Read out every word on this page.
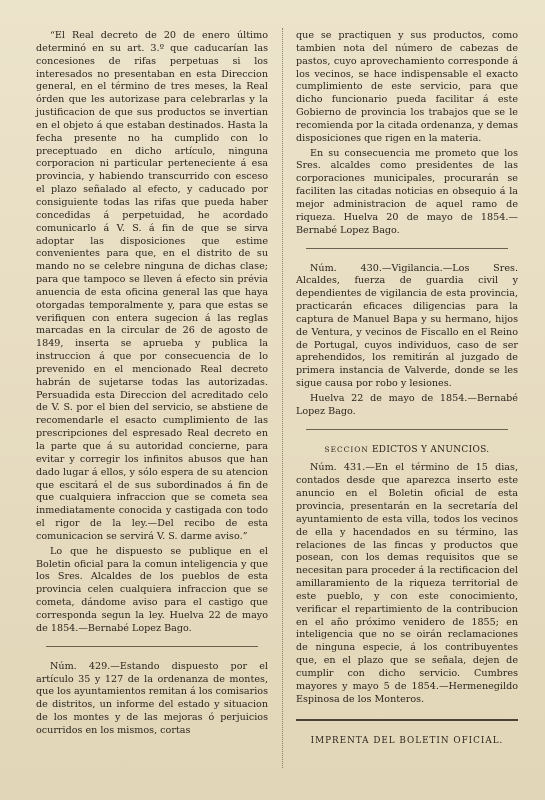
“El Real decreto de 20 de enero último determinó en su art. 3.º que caducarían las concesiones de rifas perpetuas si los interesados no presentaban en esta Direccion general, en el término de tres meses, la Real órden que les autorizase para celebrarlas y la justificacion de que sus productos se invertian en el objeto á que estaban destinados. Hasta la fecha presente no ha cumplido con lo preceptuado en dicho artículo, ninguna corporacion ni particular perteneciente á esa provincia, y habiendo transcurrido con esceso el plazo señalado al efecto, y caducado por consiguiente todas las rifas que pueda haber concedidas á perpetuidad, he acordado comunicarlo á V. S. á fin de que se sirva adoptar las disposiciones que estime convenientes para que, en el distrito de su mando no se celebre ninguna de dichas clase; para que tampoco se lleven á efecto sin prévia anuencia de esta oficina general las que haya otorgadas temporalmente y, para que estas se verifiquen con entera sugecion á las reglas marcadas en la circular de 26 de agosto de 1849, inserta se aprueba y publica la instruccion á que por consecuencia de lo prevenido en el mencionado Real decreto habrán de sujetarse todas las autorizadas. Persuadida esta Direccion del acreditado celo de V. S. por el bien del servicio, se abstiene de recomendarle el esacto cumplimiento de las prescripciones del espresado Real decreto en la parte que á su autoridad concierne, para evitar y corregir los infinitos abusos que han dado lugar á ellos, y sólo espera de su atencion que escitará el de sus subordinados á fin de que cualquiera infraccion que se cometa sea inmediatamente conocida y castigada con todo el rigor de la ley.—Del recibo de esta comunicacion se servirá V. S. darme aviso.”

Lo que he dispuesto se publique en el Boletin oficial para la comun inteligencia y que los Sres. Alcaldes de los pueblos de esta provincia celen cualquiera infraccion que se cometa, dándome aviso para el castigo que corresponda segun la ley. Huelva 22 de mayo de 1854.—Bernabé Lopez Bago.

Núm. 429.—Estando dispuesto por el artículo 35 y 127 de la ordenanza de montes, que los ayuntamientos remitan á los comisarios de distritos, un informe del estado y situacion de los montes y de las mejoras ó perjuicios ocurridos en los mismos, cortas

que se practiquen y sus productos, como tambien nota del número de cabezas de pastos, cuyo aprovechamiento corresponde á los vecinos, se hace indispensable el exacto cumplimiento de este servicio, para que dicho funcionario pueda facilitar á este Gobierno de provincia los trabajos que se le recomienda por la citada ordenanza, y demas disposiciones que rigen en la materia.

En su consecuencia me prometo que los Sres. alcaldes como presidentes de las corporaciones municipales, procurarán se faciliten las citadas noticias en obsequio á la mejor administracion de aquel ramo de riqueza. Huelva 20 de mayo de 1854.—Bernabé Lopez Bago.

Núm. 430.—Vigilancia.—Los Sres. Alcaldes, fuerza de guardia civil y dependientes de vigilancia de esta provincia, practicarán eficaces diligencias para la captura de Manuel Bapa y su hermano, hijos de Ventura, y vecinos de Fiscallo en el Reino de Portugal, cuyos individuos, caso de ser aprehendidos, los remitirán al juzgado de primera instancia de Valverde, donde se les sigue causa por robo y lesiones.

Huelva 22 de mayo de 1854.—Bernabé Lopez Bago.

SECCION EDICTOS Y ANUNCIOS.

Núm. 431.—En el término de 15 dias, contados desde que aparezca inserto este anuncio en el Boletin oficial de esta provincia, presentarán en la secretaría del ayuntamiento de esta villa, todos los vecinos de ella y hacendados en su término, las relaciones de las fincas y productos que posean, con los demas requisitos que se necesitan para proceder á la rectificacion del amillaramiento de la riqueza territorial de este pueblo, y con este conocimiento, verificar el repartimiento de la contribucion en el año próximo venidero de 1855; en inteligencia que no se oirán reclamaciones de ninguna especie, á los contribuyentes que, en el plazo que se señala, dejen de cumplir con dicho servicio. Cumbres mayores y mayo 5 de 1854.—Hermenegildo Espinosa de los Monteros.

IMPRENTA DEL BOLETIN OFICIAL.
